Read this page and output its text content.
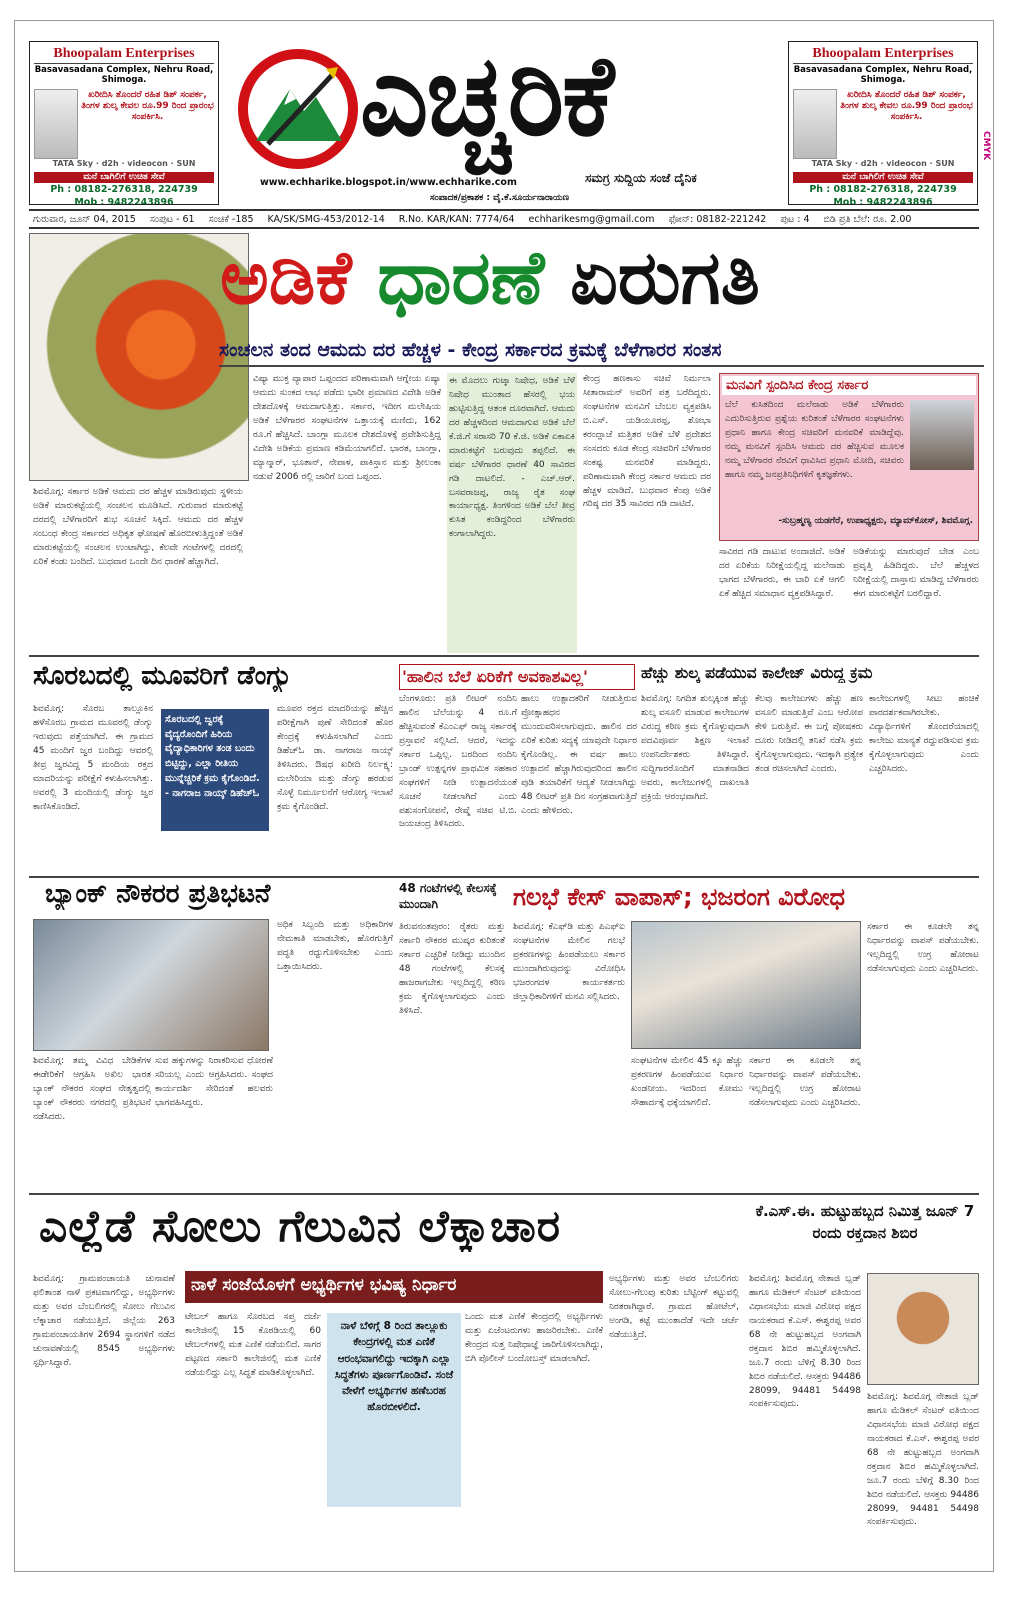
Bhoopalam Enterprises
Basavasadana Complex, Nehru Road, Shimoga.
ಖರೀದಿಸಿ ತೊಂದರೆ ರಹಿತ ಡಿಶ್ ಸಂಪರ್ಕ, ತಿಂಗಳ ಶುಲ್ಕ ಕೇವಲ ರೂ.99 ರಿಂದ ಪ್ರಾರಂಭ ಸಂಪರ್ಕಿಸಿ.
TATA Sky · d2h · videocon · SUN
ಮನೆ ಬಾಗಿಲಿಗೆ ಉಚಿತ ಸೇವೆ
Ph : 08182-276318, 224739
Mob : 9482243896
ಎಚ್ಚರಿಕೆ
www.echharike.blogspot.in/www.echharike.com	ಸಮಗ್ರ ಸುದ್ದಿಯ ಸಂಜೆ ದೈನಿಕ
ಸಂಪಾದಕ/ಪ್ರಕಾಶಕ : ವೈ.ಕೆ.ಸೂರ್ಯನಾರಾಯಣ
Bhoopalam Enterprises
Basavasadana Complex, Nehru Road, Shimoga.
ಖರೀದಿಸಿ ತೊಂದರೆ ರಹಿತ ಡಿಶ್ ಸಂಪರ್ಕ, ತಿಂಗಳ ಶುಲ್ಕ ಕೇವಲ ರೂ.99 ರಿಂದ ಪ್ರಾರಂಭ ಸಂಪರ್ಕಿಸಿ.
TATA Sky · d2h · videocon · SUN
ಮನೆ ಬಾಗಿಲಿಗೆ ಉಚಿತ ಸೇವೆ
Ph : 08182-276318, 224739
Mob : 9482243896
CMYK
ಗುರುವಾರ, ಜೂನ್ 04, 2015 ಸಂಪುಟ - 61 ಸಂಚಿಕೆ -185 KA/SK/SMG-453/2012-14 R.No. KAR/KAN: 7774/64 echharikesmg@gmail.com ಫೋನ್: 08182-221242 ಪುಟ : 4 ಬಿಡಿ ಪ್ರತಿ ಬೆಲೆ: ರೂ. 2.00
ಅಡಿಕೆ ಧಾರಣೆ ಏರುಗತಿ
ಸಂಚಲನ ತಂದ ಆಮದು ದರ ಹೆಚ್ಚಳ - ಕೇಂದ್ರ ಸರ್ಕಾರದ ಕ್ರಮಕ್ಕೆ ಬೆಳೆಗಾರರ ಸಂತಸ
ಶಿವಮೊಗ್ಗ: ಸರ್ಕಾರ ಅಡಿಕೆ ಆಮದು ದರ ಹೆಚ್ಚಳ ಮಾಡಿರುವುದು ಸ್ಥಳೀಯ ಅಡಿಕೆ ಮಾರುಕಟ್ಟೆಯಲ್ಲಿ ಸಂಚಲನ ಮೂಡಿಸಿದೆ. ಗುರುವಾರ ಮಾರುಕಟ್ಟೆ ದರದಲ್ಲಿ ಬೆಳೆಗಾರರಿಗೆ ಶುಭ ಸೂಚನೆ ಸಿಕ್ಕಿದೆ. ಆಮದು ದರ ಹೆಚ್ಚಳ ಸಂಬಂಧ ಕೇಂದ್ರ ಸರ್ಕಾರದ ಅಧಿಕೃತ ಘೋಷಣೆ ಹೊರಬೀಳುತ್ತಿದ್ದಂತೆ ಅಡಿಕೆ ಮಾರುಕಟ್ಟೆಯಲ್ಲಿ ಸಂಚಲನ ಉಂಟಾಗಿದ್ದು, ಕೆಲವೇ ಗಂಟೆಗಳಲ್ಲಿ ದರದಲ್ಲಿ ಏರಿಕೆ ಕಂಡು ಬಂದಿದೆ. ಬುಧವಾರ ಒಂದೇ ದಿನ ಧಾರಣೆ ಹೆಚ್ಚಾಗಿದೆ.
ವಿಷ್ಯಾ ಮುಕ್ತ ವ್ಯಾಪಾರ ಒಪ್ಪಂದದ ಪರಿಣಾಮವಾಗಿ ಆಗ್ನೇಯ ಏಷ್ಯಾ ಆಮದು ಸುಂಕದ ಲಾಭ ಪಡೆದು ಭಾರೀ ಪ್ರಮಾಣದ ವಿದೇಶಿ ಅಡಿಕೆ ದೇಶದೊಳಕ್ಕೆ ಆಮದಾಗುತ್ತಿತ್ತು. ಸರ್ಕಾರ, ಇದೀಗ ಮಲೇಷಿಯ ಅಡಿಕೆ ಬೆಳೆಗಾರರ ಸಂಘಟನೆಗಳ ಒತ್ತಾಯಕ್ಕೆ ಮಣಿದು, 162 ರೂ.ಗೆ ಹೆಚ್ಚಿಸಿದೆ. ಬಾಂಗ್ಲಾ ಮೂಲಕ ದೇಶದೊಳಕ್ಕೆ ಪ್ರವೇಶಿಸುತ್ತಿದ್ದ ವಿದೇಶಿ ಅಡಿಕೆಯ ಪ್ರಮಾಣ ಕಡಿಮೆಯಾಗಲಿದೆ. ಭಾರತ, ಬಾಂಗ್ಲಾ, ಮ್ಯಾನ್ಮಾರ್, ಭೂತಾನ್, ನೇಪಾಳ, ಪಾಕಿಸ್ತಾನ ಮತ್ತು ಶ್ರೀಲಂಕಾ ನಡುವೆ 2006 ರಲ್ಲಿ ಜಾರಿಗೆ ಬಂದ ಒಪ್ಪಂದ.
ಈ ಮೊದಲು ಗುಟ್ಕಾ ನಿಷೇಧ, ಅಡಿಕೆ ಬೆಳೆ ನಿಷೇಧ ಮುಂತಾದ ಹೆಸರಲ್ಲಿ ಭಯ ಹುಟ್ಟಿಸುತ್ತಿದ್ದ ಆತಂಕ ದೂರವಾಗಿದೆ. ಆಮದು ದರ ಹೆಚ್ಚಳದಿಂದ ಆಮದಾಗುವ ಅಡಿಕೆ ಬೆಲೆ ಕೆ.ಜಿ.ಗೆ ಸರಾಸರಿ 70 ಕೆ.ಜಿ. ಅಡಿಕೆ ಏಕಾಏಕಿ ಮಾರುಕಟ್ಟೆಗೆ ಬರುವುದು ತಪ್ಪಲಿದೆ. ಈ ವರ್ಷ ಬೆಳೆಗಾರರ ಧಾರಣೆ 40 ಸಾವಿರದ ಗಡಿ ದಾಟಲಿದೆ. - ಎಚ್.ಆರ್. ಬಸವರಾಜಪ್ಪ, ರಾಜ್ಯ ರೈತ ಸಂಘ ಕಾರ್ಯಾಧ್ಯಕ್ಷ. ತಿಂಗಳಿಂದ ಅಡಿಕೆ ಬೆಲೆ ತೀವ್ರ ಕುಸಿತ ಕಂಡಿದ್ದರಿಂದ ಬೆಳೆಗಾರರು ಕಂಗಾಲಾಗಿದ್ದರು.
ಕೇಂದ್ರ ಹಣಕಾಸು ಸಚಿವೆ ನಿರ್ಮಲಾ ಸೀತಾರಾಮನ್ ಅವರಿಗೆ ಪತ್ರ ಬರೆದಿದ್ದರು. ಸಂಘಟನೆಗಳ ಮನವಿಗೆ ಬೆಂಬಲ ವ್ಯಕ್ತಪಡಿಸಿ ಬಿ.ಎಸ್. ಯಡಿಯೂರಪ್ಪ, ಶೋಭಾ ಕರಂದ್ಲಾಜೆ ಮತ್ತಿತರ ಅಡಿಕೆ ಬೆಳೆ ಪ್ರದೇಶದ ಸಂಸದರು ಕೂಡ ಕೇಂದ್ರ ಸಚಿವರಿಗೆ ಬೆಳೆಗಾರರ ಸಂಕಷ್ಟ ಮನವರಿಕೆ ಮಾಡಿದ್ದರು. ಪರಿಣಾಮವಾಗಿ ಕೇಂದ್ರ ಸರ್ಕಾರ ಆಮದು ದರ ಹೆಚ್ಚಳ ಮಾಡಿದೆ. ಬುಧವಾರ ಕೆಂಪು ಅಡಿಕೆ ಗರಿಷ್ಠ ದರ 35 ಸಾವಿರದ ಗಡಿ ದಾಟಿದೆ.
ಮನವಿಗೆ ಸ್ಪಂದಿಸಿದ ಕೇಂದ್ರ ಸರ್ಕಾರ
ಬೆಲೆ ಕುಸಿತದಿಂದ ಮಲೆನಾಡು ಅಡಿಕೆ ಬೆಳೆಗಾರರು ಎದುರಿಸುತ್ತಿರುವ ಪ್ರಶ್ನೆಯ ಕುರಿತಂತೆ ಬೆಳೆಗಾರರ ಸಂಘಟನೆಗಳು ಪ್ರಧಾನಿ ಹಾಗೂ ಕೇಂದ್ರ ಸಚಿವರಿಗೆ ಮನವರಿಕೆ ಮಾಡಿದ್ದೆವು. ನಮ್ಮ ಮನವಿಗೆ ಸ್ಪಂದಿಸಿ ಆಮದು ದರ ಹೆಚ್ಚಿಸುವ ಮೂಲಕ ನಮ್ಮ ಬೆಳೆಗಾರರ ನೆರವಿಗೆ ಧಾವಿಸಿದ ಪ್ರಧಾನಿ ಮೋದಿ, ಸಚಿವರು ಹಾಗೂ ನಮ್ಮ ಜನಪ್ರತಿನಿಧಿಗಳಿಗೆ ಕೃತಜ್ಞತೆಗಳು.
-ಸುಬ್ರಹ್ಮಣ್ಯ ಯಡಗೆರೆ, ಉಪಾಧ್ಯಕ್ಷರು, ಮ್ಯಾಮ್‌ಕೋಸ್, ಶಿವಮೊಗ್ಗ.
ಸಾವಿರದ ಗಡಿ ದಾಟುವ ಅಂದಾಜಿದೆ. ಅಡಿಕೆ ದರ ಏರಿಕೆಯ ನಿರೀಕ್ಷೆಯಲ್ಲಿದ್ದ ಮಲೆನಾಡು ಭಾಗದ ಬೆಳೆಗಾರರು, ಈ ಬಾರಿ ಏಕೆ ಆಗಲಿ ಏಕೆ ಹೆಚ್ಚಿದ ಸಮಾಧಾನ ವ್ಯಕ್ತಪಡಿಸಿದ್ದಾರೆ.
ಅಡಿಕೆಯನ್ನು ಮಾರುವುದೆ ಬೇಡ ಎಂಬ ಪ್ರವೃತ್ತಿ ಹಿಡಿದಿದ್ದರು. ಬೆಲೆ ಹೆಚ್ಚಳದ ನಿರೀಕ್ಷೆಯಲ್ಲಿ ದಾಸ್ತಾನು ಮಾಡಿದ್ದ ಬೆಳೆಗಾರರು ಈಗ ಮಾರುಕಟ್ಟೆಗೆ ಬರಲಿದ್ದಾರೆ.
ಸೊರಬದಲ್ಲಿ ಮೂವರಿಗೆ ಡೆಂಗ್ಯು
ಶಿವಮೊಗ್ಗ: ಸೊರಬ ತಾಲ್ಲೂಕಿನ ಹಳೆಸೊರಬ ಗ್ರಾಮದ ಮೂವರಲ್ಲಿ ಡೆಂಗ್ಯು ಇರುವುದು ಪತ್ತೆಯಾಗಿದೆ. ಈ ಗ್ರಾಮದ 45 ಮಂದಿಗೆ ಜ್ವರ ಬಂದಿದ್ದು ಆವರಲ್ಲಿ ತೀವ್ರ ಜ್ವರವಿದ್ದ 5 ಮಂದಿಯ ರಕ್ತದ ಮಾದರಿಯನ್ನು ಪರೀಕ್ಷೆಗೆ ಕಳುಹಿಸಲಾಗಿತ್ತು. ಅವರಲ್ಲಿ 3 ಮಂದಿಯಲ್ಲಿ ಡೆಂಗ್ಯು ಜ್ವರ ಕಾಣಿಸಿಕೊಂಡಿದೆ.
ಸೊರಬದಲ್ಲಿ ಜ್ವರಕ್ಕೆ ವೈದ್ಯರೊಂದಿಗೆ ಹಿರಿಯ ವೈದ್ಯಾಧಿಕಾರಿಗಳ ತಂಡ ಬಂದು ಬಿಟ್ಟಿದ್ದು, ಎಲ್ಲಾ ರೀತಿಯ ಮುನ್ನೆಚ್ಚರಿಕೆ ಕ್ರಮ ಕೈಗೊಂಡಿದೆ. - ನಾಗರಾಜ ನಾಯ್ಕ್ ಡಿಹೆಚ್‌ಓ
ಮೂವರ ರಕ್ತದ ಮಾದರಿಯನ್ನು ಹೆಚ್ಚಿನ ಪರೀಕ್ಷೆಗಾಗಿ ಪುಣೆ ಸೇರಿದಂತೆ ಹೊರ ಕೇಂದ್ರಕ್ಕೆ ಕಳುಹಿಸಲಾಗಿದೆ ಎಂದು ಡಿಹೆಚ್‌ಓ ಡಾ. ನಾಗರಾಜ ನಾಯ್ಕ್ ತಿಳಿಸಿದರು. ಔಷಧ ಖರೀದಿ ನಿರ್ಲಕ್ಷ್ಯ: ಮಲೇರಿಯಾ ಮತ್ತು ಡೆಂಗ್ಯು ಹರಡುವ ಸೊಳ್ಳೆ ನಿರ್ಮೂಲನೆಗೆ ಆರೋಗ್ಯ ಇಲಾಖೆ ಕ್ರಮ ಕೈಗೊಂಡಿದೆ.
'ಹಾಲಿನ ಬೆಲೆ ಏರಿಕೆಗೆ ಅವಕಾಶವಿಲ್ಲ'
ಬೆಂಗಳೂರು: ಪ್ರತಿ ಲೀಟರ್ ನಂದಿನಿ ಹಾಲಿನ ಬೆಲೆಯನ್ನು 4 ರೂ.ಗೆ ಹೆಚ್ಚಿಸುವಂತೆ ಕೆಎಂಎಫ್ ರಾಜ್ಯ ಸರ್ಕಾರಕ್ಕೆ ಪ್ರಸ್ತಾವನೆ ಸಲ್ಲಿಸಿದೆ. ಆದರೆ, ಇದನ್ನು ಸರ್ಕಾರ ಒಪ್ಪಿಲ್ಲ. ಬರದಿಂದ ನಂದಿನಿ ಬ್ರಾಂಡ್ ಉತ್ಪನ್ನಗಳ ಪ್ರಾಥಮಿಕ ಸಹಕಾರ ಸಂಘಗಳಿಗೆ ನೀಡಿ ಉತ್ಪಾದನೆಯಂತೆ ಸೂಚನೆ ನೀಡಲಾಗಿದೆ ಎಂದು ಪಶುಸಂಗೋಪನೆ, ರೇಷ್ಮೆ ಸಚಿವ ಟಿ.ಬಿ. ಜಯಚಂದ್ರ ತಿಳಿಸಿದರು.
ಹಾಲು ಉತ್ಪಾದಕರಿಗೆ ನೀಡುತ್ತಿರುವ ಪ್ರೋತ್ಸಾಹಧನ ಮುಂದುವರಿಸಲಾಗುವುದು. ಹಾಲಿನ ದರ ಏರಿಕೆ ಕುರಿತು ಸದ್ಯಕ್ಕೆ ಯಾವುದೇ ನಿರ್ಧಾರ ಕೈಗೊಂಡಿಲ್ಲ. ಈ ವರ್ಷ ಹಾಲು ಉತ್ಪಾದನೆ ಹೆಚ್ಚಾಗಿರುವುದರಿಂದ ಹಾಲಿನ ಪುಡಿ ತಯಾರಿಕೆಗೆ ಆದ್ಯತೆ ನೀಡಲಾಗಿದ್ದು 48 ಲೀಟರ್ ಪ್ರತಿ ದಿನ ಸಂಗ್ರಹವಾಗುತ್ತಿದೆ ಎಂದು ಹೇಳಿದರು.
ಹೆಚ್ಚು ಶುಲ್ಕ ಪಡೆಯುವ ಕಾಲೇಜ್ ವಿರುದ್ಧ ಕ್ರಮ
ಶಿವಮೊಗ್ಗ: ನಿಗದಿತ ಶುಲ್ಕಕ್ಕಿಂತ ಹೆಚ್ಚು ಶುಲ್ಕ ವಸೂಲಿ ಮಾಡುವ ಕಾಲೇಜುಗಳ ವಿರುದ್ಧ ಕಠಿಣ ಕ್ರಮ ಕೈಗೊಳ್ಳುವುದಾಗಿ ಪದವಿಪೂರ್ವ ಶಿಕ್ಷಣ ಇಲಾಖೆ ಉಪನಿರ್ದೇಶಕರು ತಿಳಿಸಿದ್ದಾರೆ. ಸುದ್ದಿಗಾರರೊಂದಿಗೆ ಮಾತನಾಡಿದ ಅವರು, ಕಾಲೇಜುಗಳಲ್ಲಿ ದಾಖಲಾತಿ ಪ್ರಕ್ರಿಯೆ ಆರಂಭವಾಗಿದೆ.
ಕೆಲವು ಕಾಲೇಜುಗಳು ಹೆಚ್ಚು ಹಣ ವಸೂಲಿ ಮಾಡುತ್ತಿವೆ ಎಂಬ ಆರೋಪ ಕೇಳಿ ಬರುತ್ತಿವೆ. ಈ ಬಗ್ಗೆ ಪೋಷಕರು ದೂರು ನೀಡಿದಲ್ಲಿ ತನಿಖೆ ನಡೆಸಿ ಕ್ರಮ ಕೈಗೊಳ್ಳಲಾಗುವುದು. ಇದಕ್ಕಾಗಿ ಪ್ರತ್ಯೇಕ ತಂಡ ರಚಿಸಲಾಗಿದೆ ಎಂದರು.
ಕಾಲೇಜುಗಳಲ್ಲಿ ಸೀಟು ಹಂಚಿಕೆ ಪಾರದರ್ಶಕವಾಗಿರಬೇಕು. ವಿದ್ಯಾರ್ಥಿಗಳಿಗೆ ತೊಂದರೆಯಾದಲ್ಲಿ ಕಾಲೇಜು ಮಾನ್ಯತೆ ರದ್ದುಪಡಿಸುವ ಕ್ರಮ ಕೈಗೊಳ್ಳಲಾಗುವುದು ಎಂದು ಎಚ್ಚರಿಸಿದರು.
ಬ್ಯಾಂಕ್ ನೌಕರರ ಪ್ರತಿಭಟನೆ
ಶಿವಮೊಗ್ಗ: ತಮ್ಮ ವಿವಿಧ ಬೇಡಿಕೆಗಳ ಈಡೇರಿಕೆಗೆ ಆಗ್ರಹಿಸಿ ಅಖಿಲ ಭಾರತ ಬ್ಯಾಂಕ್ ನೌಕರರ ಸಂಘದ ನೇತೃತ್ವದಲ್ಲಿ ಬ್ಯಾಂಕ್ ನೌಕರರು ನಗರದಲ್ಲಿ ಪ್ರತಿಭಟನೆ ನಡೆಸಿದರು.
ಸುವ ಹಕ್ಕುಗಳನ್ನು ನಿರಾಕರಿಸುವ ಧೋರಣೆ ಸರಿಯಲ್ಲ ಎಂದು ಆಗ್ರಹಿಸಿದರು. ಸಂಘದ ಕಾರ್ಯದರ್ಶಿ ಸೇರಿದಂತೆ ಹಲವರು ಭಾಗವಹಿಸಿದ್ದರು.
ಅಧಿಕ ಸಿಬ್ಬಂದಿ ಮತ್ತು ಅಧಿಕಾರಿಗಳ ನೇಮಕಾತಿ ಮಾಡಬೇಕು, ಹೊರಗುತ್ತಿಗೆ ಪದ್ಧತಿ ರದ್ದುಗೊಳಿಸಬೇಕು ಎಂದು ಒತ್ತಾಯಿಸಿದರು.
48 ಗಂಟೆಗಳಲ್ಲಿ ಕೇಲಸಕ್ಕೆ ಮುಂದಾಗಿ
ತಿರುವನಂತಪುರಂ: ರೈತರು ಮತ್ತು ಸರ್ಕಾರಿ ನೌಕರರ ಮುಷ್ಕರ ಕುರಿತಂತೆ ಸರ್ಕಾರ ಎಚ್ಚರಿಕೆ ನೀಡಿದ್ದು ಮುಂದಿನ 48 ಗಂಟೆಗಳಲ್ಲಿ ಕೆಲಸಕ್ಕೆ ಹಾಜರಾಗಬೇಕು ಇಲ್ಲದಿದ್ದಲ್ಲಿ ಕಠಿಣ ಕ್ರಮ ಕೈಗೊಳ್ಳಲಾಗುವುದು ಎಂದು ತಿಳಿಸಿದೆ.
ಗಲಭೆ ಕೇಸ್ ವಾಪಾಸ್; ಭಜರಂಗ ವಿರೋಧ
ಶಿವಮೊಗ್ಗ: ಕೆಎಫ್‌ಡಿ ಮತ್ತು ಪಿಎಫ್‌ಐ ಸಂಘಟನೆಗಳ ಮೇಲಿನ ಗಲಭೆ ಪ್ರಕರಣಗಳನ್ನು ಹಿಂಪಡೆಯಲು ಸರ್ಕಾರ ಮುಂದಾಗಿರುವುದನ್ನು ವಿರೋಧಿಸಿ ಭಜರಂಗದಳ ಕಾರ್ಯಕರ್ತರು ಜಿಲ್ಲಾಧಿಕಾರಿಗಳಿಗೆ ಮನವಿ ಸಲ್ಲಿಸಿದರು.
ಸಂಘಟನೆಗಳ ಮೇಲಿನ 45 ಕ್ಕೂ ಹೆಚ್ಚು ಪ್ರಕರಣಗಳ ಹಿಂಪಡೆಯುವ ನಿರ್ಧಾರ ಖಂಡನೀಯ. ಇದರಿಂದ ಕೋಮು ಸೌಹಾರ್ದಕ್ಕೆ ಧಕ್ಕೆಯಾಗಲಿದೆ.
ಸರ್ಕಾರ ಈ ಕೂಡಲೇ ತನ್ನ ನಿರ್ಧಾರವನ್ನು ವಾಪಸ್ ಪಡೆಯಬೇಕು. ಇಲ್ಲದಿದ್ದಲ್ಲಿ ಉಗ್ರ ಹೋರಾಟ ನಡೆಸಲಾಗುವುದು ಎಂದು ಎಚ್ಚರಿಸಿದರು.
ಸರ್ಕಾರ ಈ ಕೂಡಲೇ ತನ್ನ ನಿರ್ಧಾರವನ್ನು ವಾಪಸ್ ಪಡೆಯಬೇಕು. ಇಲ್ಲದಿದ್ದಲ್ಲಿ ಉಗ್ರ ಹೋರಾಟ ನಡೆಸಲಾಗುವುದು ಎಂದು ಎಚ್ಚರಿಸಿದರು.
ಎಲ್ಲೆಡೆ ಸೋಲು ಗೆಲುವಿನ ಲೆಕ್ಕಾಚಾರ
ನಾಳೆ ಸಂಜೆಯೊಳಗೆ ಅಭ್ಯರ್ಥಿಗಳ ಭವಿಷ್ಯ ನಿರ್ಧಾರ
ಶಿವಮೊಗ್ಗ: ಗ್ರಾಮಪಂಚಾಯತಿ ಚುನಾವಣೆ ಫಲಿತಾಂಶ ನಾಳೆ ಪ್ರಕಟವಾಗಲಿದ್ದು, ಅಭ್ಯರ್ಥಿಗಳು ಮತ್ತು ಅವರ ಬೆಂಬಲಿಗರಲ್ಲಿ ಸೋಲು ಗೆಲುವಿನ ಲೆಕ್ಕಾಚಾರ ನಡೆಯುತ್ತಿದೆ. ಜಿಲ್ಲೆಯ 263 ಗ್ರಾಮಪಂಚಾಯತಿಗಳ 2694 ಸ್ಥಾನಗಳಿಗೆ ನಡೆದ ಚುನಾವಣೆಯಲ್ಲಿ 8545 ಅಭ್ಯರ್ಥಿಗಳು ಸ್ಪರ್ಧಿಸಿದ್ದಾರೆ.
ಟೇಬಲ್ ಹಾಗೂ ಸೊರಬದ ಸಪ್ತ ದರ್ಜೆ ಕಾಲೇಜಿನಲ್ಲಿ 15 ಕೊಠಡಿಯಲ್ಲಿ 60 ಟೇಬಲ್‌ಗಳಲ್ಲಿ ಮತ ಎಣಿಕೆ ನಡೆಯಲಿದೆ. ಸಾಗರ ಪಟ್ಟಣದ ಸರ್ಕಾರಿ ಕಾಲೇಜಿನಲ್ಲಿ ಮತ ಎಣಿಕೆ ನಡೆಯಲಿದ್ದು ಎಲ್ಲ ಸಿದ್ಧತೆ ಮಾಡಿಕೊಳ್ಳಲಾಗಿದೆ.
ನಾಳೆ ಬೆಳಿಗ್ಗೆ 8 ರಿಂದ ತಾಲ್ಲೂಕು ಕೇಂದ್ರಗಳಲ್ಲಿ ಮತ ಎಣಿಕೆ ಆರಂಭವಾಗಲಿದ್ದು ಇದಕ್ಕಾಗಿ ಎಲ್ಲಾ ಸಿದ್ಧತೆಗಳು ಪೂರ್ಣಗೊಂಡಿವೆ. ಸಂಜೆ ವೇಳೆಗೆ ಅಭ್ಯರ್ಥಿಗಳ ಹಣೆಬರಹ ಹೊರಬೀಳಲಿದೆ.
ಒಂದು ಮತ ಎಣಿಕೆ ಕೇಂದ್ರದಲ್ಲಿ ಅಭ್ಯರ್ಥಿಗಳು ಮತ್ತು ಏಜೆಂಟರುಗಳು ಹಾಜರಿರಬೇಕು. ಎಣಿಕೆ ಕೇಂದ್ರದ ಸುತ್ತ ನಿಷೇಧಾಜ್ಞೆ ಜಾರಿಗೊಳಿಸಲಾಗಿದ್ದು, ಬಿಗಿ ಪೊಲೀಸ್ ಬಂದೋಬಸ್ತ್ ಮಾಡಲಾಗಿದೆ.
ಅಭ್ಯರ್ಥಿಗಳು ಮತ್ತು ಅವರ ಬೆಂಬಲಿಗರು ಸೋಲು-ಗೆಲುವು ಕುರಿತು ಬೆಟ್ಟಿಂಗ್ ಕಟ್ಟುವಲ್ಲಿ ನಿರತರಾಗಿದ್ದಾರೆ. ಗ್ರಾಮದ ಹೋಟೆಲ್, ಅಂಗಡಿ, ಕಟ್ಟೆ ಮುಂತಾದೆಡೆ ಇದೇ ಚರ್ಚೆ ನಡೆಯುತ್ತಿದೆ.
ಕೆ.ಎಸ್.ಈ. ಹುಟ್ಟುಹಬ್ಬದ ನಿಮಿತ್ತ ಜೂನ್ 7 ರಂದು ರಕ್ತದಾನ ಶಿಬಿರ
ಶಿವಮೊಗ್ಗ: ಶಿವಮೊಗ್ಗ ನೇತಾಜಿ ಬ್ಲಡ್ ಹಾಗೂ ಮೆಡಿಕಲ್ ಸೆಂಟರ್ ವತಿಯಿಂದ ವಿಧಾನಸಭೆಯ ಮಾಜಿ ವಿರೋಧ ಪಕ್ಷದ ನಾಯಕರಾದ ಕೆ.ಎಸ್. ಈಶ್ವರಪ್ಪ ಅವರ 68 ನೇ ಹುಟ್ಟುಹಬ್ಬದ ಅಂಗವಾಗಿ ರಕ್ತದಾನ ಶಿಬಿರ ಹಮ್ಮಿಕೊಳ್ಳಲಾಗಿದೆ. ಜೂ.7 ರಂದು ಬೆಳಿಗ್ಗೆ 8.30 ರಿಂದ ಶಿಬಿರ ನಡೆಯಲಿದೆ. ಆಸಕ್ತರು 94486 28099, 94481 54498 ಸಂಪರ್ಕಿಸುವುದು.
ಶಿವಮೊಗ್ಗ: ಶಿವಮೊಗ್ಗ ನೇತಾಜಿ ಬ್ಲಡ್ ಹಾಗೂ ಮೆಡಿಕಲ್ ಸೆಂಟರ್ ವತಿಯಿಂದ ವಿಧಾನಸಭೆಯ ಮಾಜಿ ವಿರೋಧ ಪಕ್ಷದ ನಾಯಕರಾದ ಕೆ.ಎಸ್. ಈಶ್ವರಪ್ಪ ಅವರ 68 ನೇ ಹುಟ್ಟುಹಬ್ಬದ ಅಂಗವಾಗಿ ರಕ್ತದಾನ ಶಿಬಿರ ಹಮ್ಮಿಕೊಳ್ಳಲಾಗಿದೆ. ಜೂ.7 ರಂದು ಬೆಳಿಗ್ಗೆ 8.30 ರಿಂದ ಶಿಬಿರ ನಡೆಯಲಿದೆ. ಆಸಕ್ತರು 94486 28099, 94481 54498 ಸಂಪರ್ಕಿಸುವುದು.
